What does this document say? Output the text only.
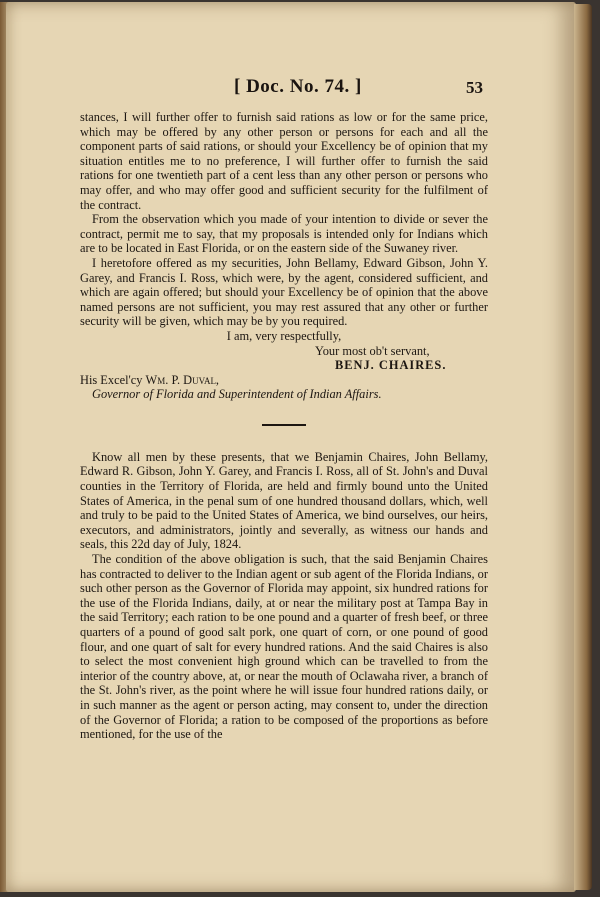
[ Doc. No. 74. ]	53

stances, I will further offer to furnish said rations as low or for the same price, which may be offered by any other person or persons for each and all the component parts of said rations, or should your Excellency be of opinion that my situation entitles me to no preference, I will further offer to furnish the said rations for one twentieth part of a cent less than any other person or persons who may offer, and who may offer good and sufficient security for the fulfilment of the contract.

From the observation which you made of your intention to divide or sever the contract, permit me to say, that my proposals is intended only for Indians which are to be located in East Florida, or on the eastern side of the Suwaney river.

I heretofore offered as my securities, John Bellamy, Edward Gibson, John Y. Garey, and Francis I. Ross, which were, by the agent, considered sufficient, and which are again offered; but should your Excellency be of opinion that the above named persons are not sufficient, you may rest assured that any other or further security will be given, which may be by you required.

I am, very respectfully,

Your most ob't servant,

BENJ. CHAIRES.

His Excel'cy Wm. P. Duval,

Governor of Florida and Superintendent of Indian Affairs.

Know all men by these presents, that we Benjamin Chaires, John Bellamy, Edward R. Gibson, John Y. Garey, and Francis I. Ross, all of St. John's and Duval counties in the Territory of Florida, are held and firmly bound unto the United States of America, in the penal sum of one hundred thousand dollars, which, well and truly to be paid to the United States of America, we bind ourselves, our heirs, executors, and administrators, jointly and severally, as witness our hands and seals, this 22d day of July, 1824.

The condition of the above obligation is such, that the said Benjamin Chaires has contracted to deliver to the Indian agent or sub agent of the Florida Indians, or such other person as the Governor of Florida may appoint, six hundred rations for the use of the Florida Indians, daily, at or near the military post at Tampa Bay in the said Territory; each ration to be one pound and a quarter of fresh beef, or three quarters of a pound of good salt pork, one quart of corn, or one pound of good flour, and one quart of salt for every hundred rations. And the said Chaires is also to select the most convenient high ground which can be travelled to from the interior of the country above, at, or near the mouth of Oclawaha river, a branch of the St. John's river, as the point where he will issue four hundred rations daily, or in such manner as the agent or person acting, may consent to, under the direction of the Governor of Florida; a ration to be composed of the proportions as before mentioned, for the use of the
